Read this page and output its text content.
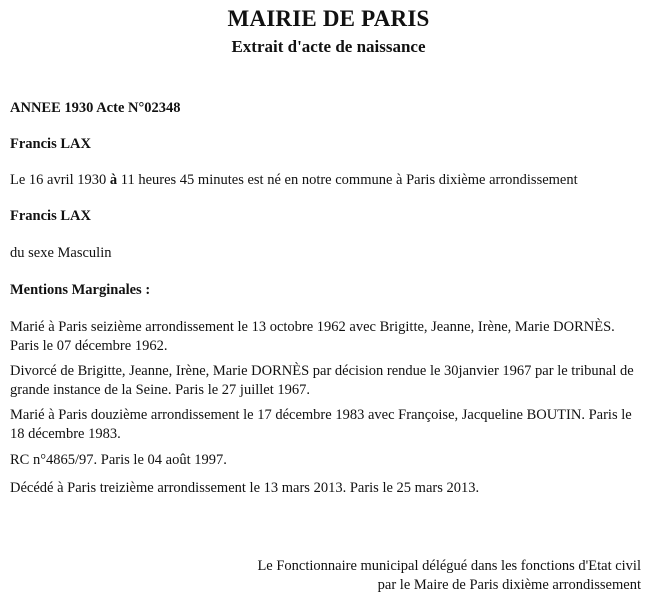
MAIRIE DE PARIS
Extrait d'acte de naissance

ANNEE 1930 Acte N°02348

Francis LAX

Le 16 avril 1930 à 11 heures 45 minutes est né en notre commune à Paris dixième arrondissement

Francis LAX

du sexe Masculin

Mentions Marginales :

Marié à Paris seizième arrondissement le 13 octobre 1962 avec Brigitte, Jeanne, Irène, Marie DORNÈS. Paris le 07 décembre 1962.

Divorcé de Brigitte, Jeanne, Irène, Marie DORNÈS par décision rendue le 30janvier 1967 par le tribunal de grande instance de la Seine. Paris le 27 juillet 1967.

Marié à Paris douzième arrondissement le 17 décembre 1983 avec Françoise, Jacqueline BOUTIN. Paris le 18 décembre 1983.

RC n°4865/97. Paris le 04 août 1997.

Décédé à Paris treizième arrondissement le 13 mars 2013. Paris le 25 mars 2013.

Le Fonctionnaire municipal délégué dans les fonctions d'Etat civil

par le Maire de Paris dixième arrondissement
